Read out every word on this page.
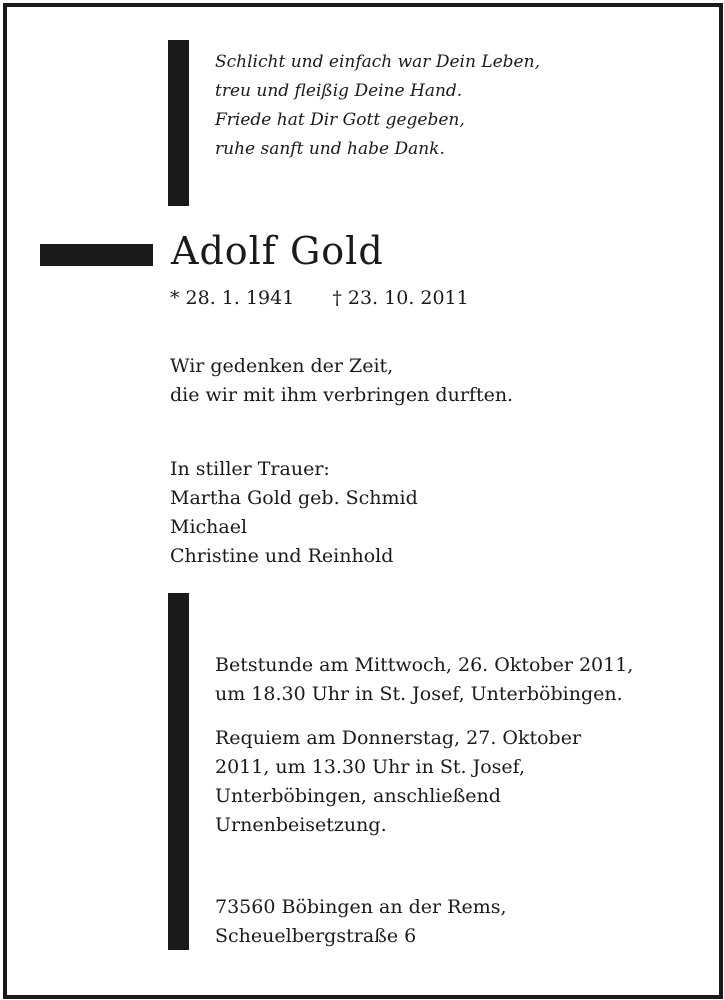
Schlicht und einfach war Dein Leben,
treu und fleißig Deine Hand.
Friede hat Dir Gott gegeben,
ruhe sanft und habe Dank.
Adolf Gold
* 28. 1. 1941 † 23. 10. 2011
Wir gedenken der Zeit,
die wir mit ihm verbringen durften.
In stiller Trauer:
Martha Gold geb. Schmid
Michael
Christine und Reinhold

Betstunde am Mittwoch, 26. Oktober 2011,
um 18.30 Uhr in St. Josef, Unterböbingen.

Requiem am Donnerstag, 27. Oktober
2011, um 13.30 Uhr in St. Josef,
Unterböbingen, anschließend
Urnenbeisetzung.

73560 Böbingen an der Rems,
Scheuelbergstraße 6
